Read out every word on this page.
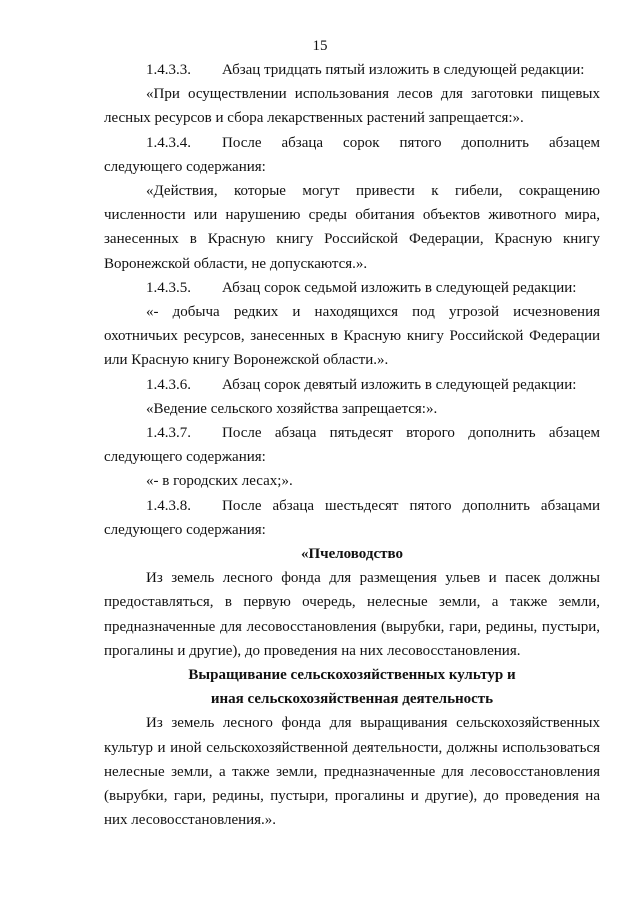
15
1.4.3.3.	Абзац тридцать пятый изложить в следующей редакции:

«При осуществлении использования лесов для заготовки пищевых лесных ресурсов и сбора лекарственных растений запрещается:».

1.4.3.4.	После абзаца сорок пятого дополнить абзацем

следующего содержания:

«Действия, которые могут привести к гибели, сокращению численности или нарушению среды обитания объектов животного мира, занесенных в Красную книгу Российской Федерации, Красную книгу Воронежской области, не допускаются.».

1.4.3.5.	Абзац сорок седьмой изложить в следующей редакции:

«- добыча редких и находящихся под угрозой исчезновения охотничьих ресурсов, занесенных в Красную книгу Российской Федерации или Красную книгу Воронежской области.».

1.4.3.6.	Абзац сорок девятый изложить в следующей редакции:

«Ведение сельского хозяйства запрещается:».

1.4.3.7.	После абзаца пятьдесят второго дополнить абзацем

следующего содержания:

«- в городских лесах;».

1.4.3.8.	После абзаца шестьдесят пятого дополнить абзацами

следующего содержания:

«Пчеловодство

Из земель лесного фонда для размещения ульев и пасек должны предоставляться, в первую очередь, нелесные земли, а также земли, предназначенные для лесовосстановления (вырубки, гари, редины, пустыри, прогалины и другие), до проведения на них лесовосстановления.

Выращивание сельскохозяйственных культур и

иная сельскохозяйственная деятельность

Из земель лесного фонда для выращивания сельскохозяйственных культур и иной сельскохозяйственной деятельности, должны использоваться нелесные земли, а также земли, предназначенные для лесовосстановления (вырубки, гари, редины, пустыри, прогалины и другие), до проведения на них лесовосстановления.».
